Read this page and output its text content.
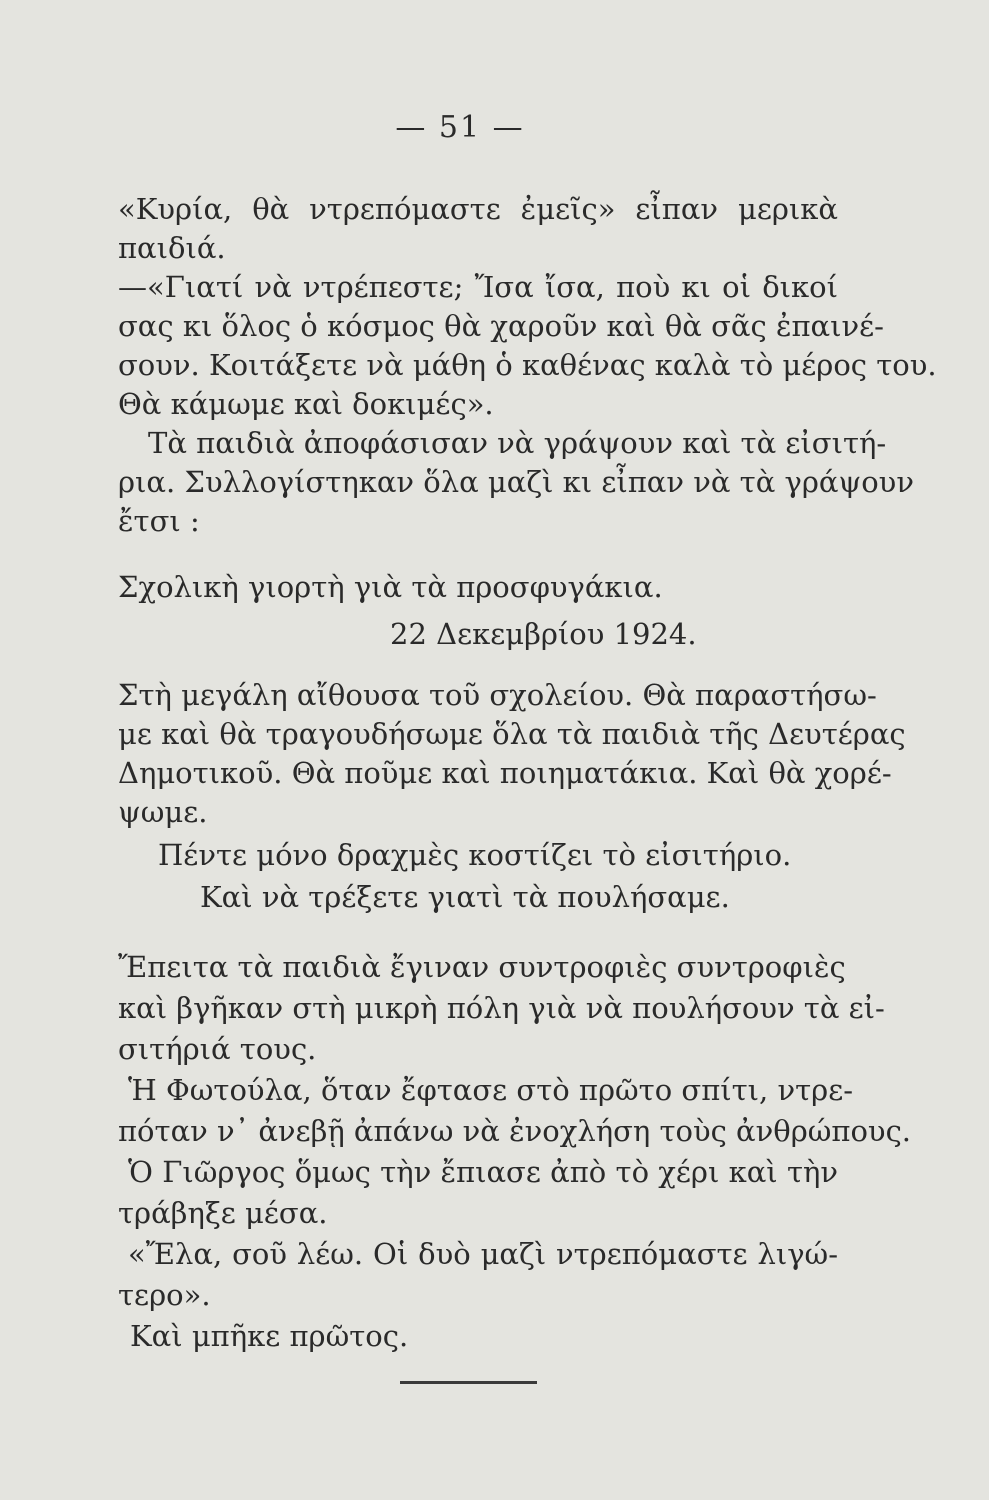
— 51 —
«Κυρία, θὰ ντρεπόμαστε ἐμεῖς» εἶπαν μερικὰ
παιδιά.
—«Γιατί νὰ ντρέπεστε; Ἴσα ἴσα, ποὺ κι οἱ δικοί
σας κι ὅλος ὁ κόσμος θὰ χαροῦν καὶ θὰ σᾶς ἐπαινέ-
σουν. Κοιτάξετε νὰ μάθη ὁ καθένας καλὰ τὸ μέρος του.
Θὰ κάμωμε καὶ δοκιμές».
Τὰ παιδιὰ ἀποφάσισαν νὰ γράψουν καὶ τὰ εἰσιτή-
ρια. Συλλογίστηκαν ὅλα μαζὶ κι εἶπαν νὰ τὰ γράψουν
ἔτσι :
Σχολικὴ γιορτὴ γιὰ τὰ προσφυγάκια.
22 Δεκεμβρίου 1924.
Στὴ μεγάλη αἴθουσα τοῦ σχολείου. Θὰ παραστήσω-
με καὶ θὰ τραγουδήσωμε ὅλα τὰ παιδιὰ τῆς Δευτέρας
Δημοτικοῦ. Θὰ ποῦμε καὶ ποιηματάκια. Καὶ θὰ χορέ-
ψωμε.
Πέντε μόνο δραχμὲς κοστίζει τὸ εἰσιτήριο.
Καὶ νὰ τρέξετε γιατὶ τὰ πουλήσαμε.
Ἔπειτα τὰ παιδιὰ ἔγιναν συντροφιὲς συντροφιὲς
καὶ βγῆκαν στὴ μικρὴ πόλη γιὰ νὰ πουλήσουν τὰ εἰ-
σιτήριά τους.
Ἡ Φωτούλα, ὅταν ἔφτασε στὸ πρῶτο σπίτι, ντρε-
πόταν ν᾿ ἀνεβῇ ἀπάνω νὰ ἐνοχλήση τοὺς ἀνθρώπους.
Ὁ Γιῶργος ὅμως τὴν ἔπιασε ἀπὸ τὸ χέρι καὶ τὴν
τράβηξε μέσα.
«Ἔλα, σοῦ λέω. Οἱ δυὸ μαζὶ ντρεπόμαστε λιγώ-
τερο».
Καὶ μπῆκε πρῶτος.
